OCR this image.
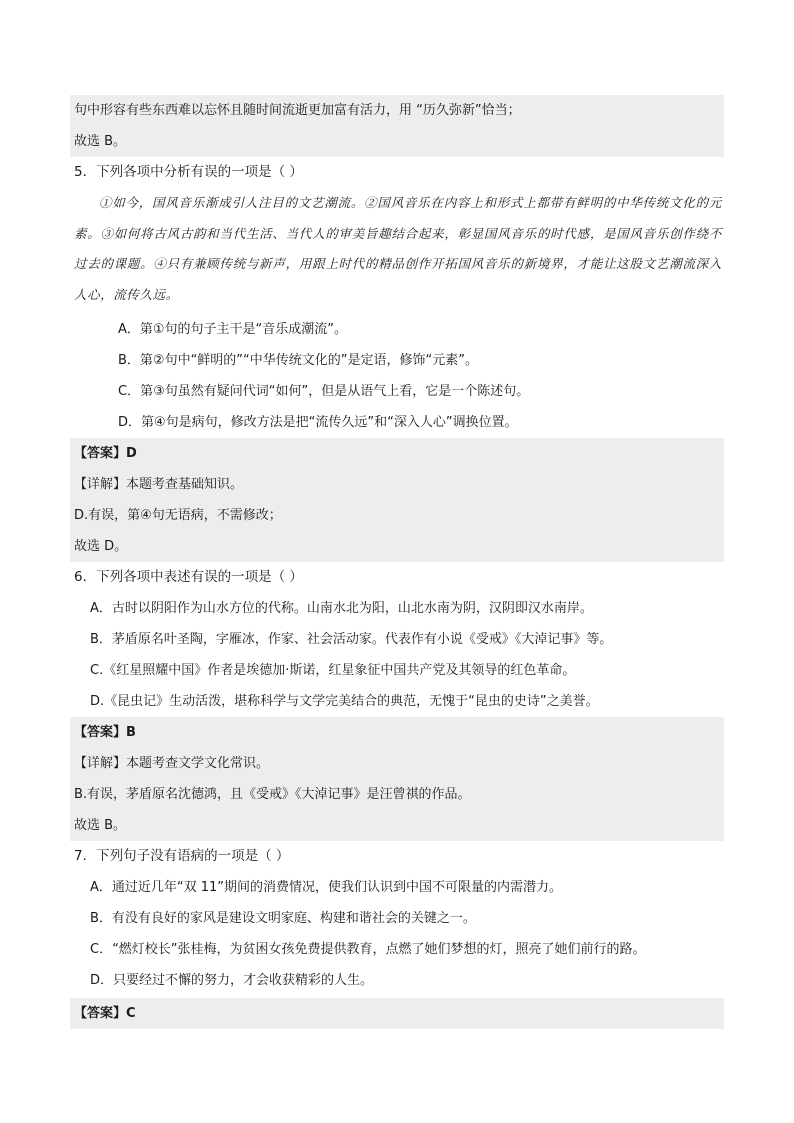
句中形容有些东西难以忘怀且随时间流逝更加富有活力，用 “历久弥新”恰当；
故选 B。
5．下列各项中分析有误的一项是（ ）
①如今，国风音乐渐成引人注目的文艺潮流。②国风音乐在内容上和形式上都带有鲜明的中华传统文化的元素。③如何将古风古韵和当代生活、当代人的审美旨趣结合起来，彰显国风音乐的时代感，是国风音乐创作绕不过去的课题。④只有兼顾传统与新声，用跟上时代的精品创作开拓国风音乐的新境界，才能让这股文艺潮流深入人心，流传久远。
A．第①句的句子主干是“音乐成潮流”。
B．第②句中“鲜明的”“中华传统文化的”是定语，修饰“元素”。
C．第③句虽然有疑问代词“如何”，但是从语气上看，它是一个陈述句。
D．第④句是病句，修改方法是把“流传久远”和“深入人心”调换位置。
【答案】D
【详解】本题考查基础知识。
D.有误，第④句无语病，不需修改；
故选 D。
6．下列各项中表述有误的一项是（ ）
A．古时以阴阳作为山水方位的代称。山南水北为阳，山北水南为阴，汉阴即汉水南岸。
B．茅盾原名叶圣陶，字雁冰，作家、社会活动家。代表作有小说《受戒》《大淖记事》等。
C.《红星照耀中国》作者是埃德加·斯诺，红星象征中国共产党及其领导的红色革命。
D.《昆虫记》生动活泼，堪称科学与文学完美结合的典范，无愧于“昆虫的史诗”之美誉。
【答案】B
【详解】本题考查文学文化常识。
B.有误，茅盾原名沈德鸿，且《受戒》《大淖记事》是汪曾祺的作品。
故选 B。
7．下列句子没有语病的一项是（ ）
A．通过近几年“双 11”期间的消费情况，使我们认识到中国不可限量的内需潜力。
B．有没有良好的家风是建设文明家庭、构建和谐社会的关键之一。
C．“燃灯校长”张桂梅，为贫困女孩免费提供教育，点燃了她们梦想的灯，照亮了她们前行的路。
D．只要经过不懈的努力，才会收获精彩的人生。
【答案】C
